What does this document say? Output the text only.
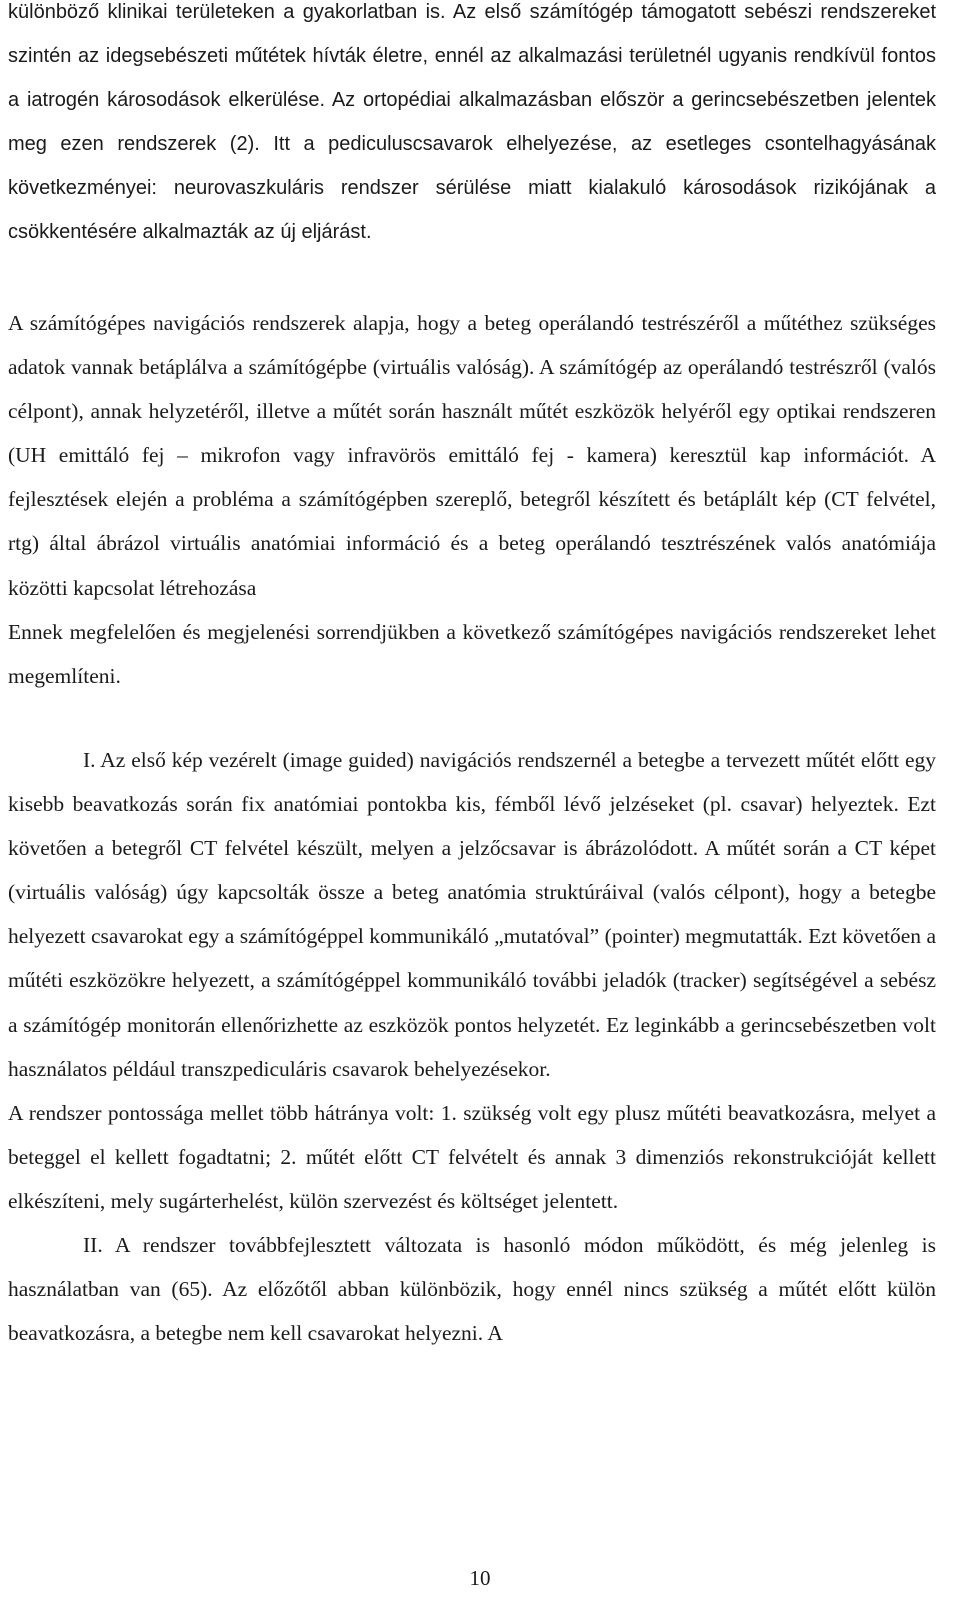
különböző klinikai területeken a gyakorlatban is. Az első számítógép támogatott sebészi rendszereket szintén az idegsebészeti műtétek hívták életre, ennél az alkalmazási területnél ugyanis rendkívül fontos a iatrogén károsodások elkerülése. Az ortopédiai alkalmazásban először a gerincsebészetben jelentek meg ezen rendszerek (2). Itt a pediculuscsavarok elhelyezése, az esetleges csontelhagyásának következményei: neurovaszkuláris rendszer sérülése miatt kialakuló károsodások rizikójának a csökkentésére alkalmazták az új eljárást.

A számítógépes navigációs rendszerek alapja, hogy a beteg operálandó testrészéről a műtéthez szükséges adatok vannak betáplálva a számítógépbe (virtuális valóság). A számítógép az operálandó testrészről (valós célpont), annak helyzetéről, illetve a műtét során használt műtét eszközök helyéről egy optikai rendszeren (UH emittáló fej – mikrofon vagy infravörös emittáló fej - kamera) keresztül kap információt. A fejlesztések elején a probléma a számítógépben szereplő, betegről készített és betáplált kép (CT felvétel, rtg) által ábrázol virtuális anatómiai információ és a beteg operálandó tesztrészének valós anatómiája közötti kapcsolat létrehozása

Ennek megfelelően és megjelenési sorrendjükben a következő számítógépes navigációs rendszereket lehet megemlíteni.

I. Az első kép vezérelt (image guided) navigációs rendszernél a betegbe a tervezett műtét előtt egy kisebb beavatkozás során fix anatómiai pontokba kis, fémből lévő jelzéseket (pl. csavar) helyeztek. Ezt követően a betegről CT felvétel készült, melyen a jelzőcsavar is ábrázolódott. A műtét során a CT képet (virtuális valóság) úgy kapcsolták össze a beteg anatómia struktúráival (valós célpont), hogy a betegbe helyezett csavarokat egy a számítógéppel kommunikáló „mutatóval” (pointer) megmutatták. Ezt követően a műtéti eszközökre helyezett, a számítógéppel kommunikáló további jeladók (tracker) segítségével a sebész a számítógép monitorán ellenőrizhette az eszközök pontos helyzetét. Ez leginkább a gerincsebészetben volt használatos például transzpediculáris csavarok behelyezésekor.

A rendszer pontossága mellet több hátránya volt: 1. szükség volt egy plusz műtéti beavatkozásra, melyet a beteggel el kellett fogadtatni; 2. műtét előtt CT felvételt és annak 3 dimenziós rekonstrukcióját kellett elkészíteni, mely sugárterhelést, külön szervezést és költséget jelentett.

II. A rendszer továbbfejlesztett változata is hasonló módon működött, és még jelenleg is használatban van (65). Az előzőtől abban különbözik, hogy ennél nincs szükség a műtét előtt külön beavatkozásra, a betegbe nem kell csavarokat helyezni. A

10
